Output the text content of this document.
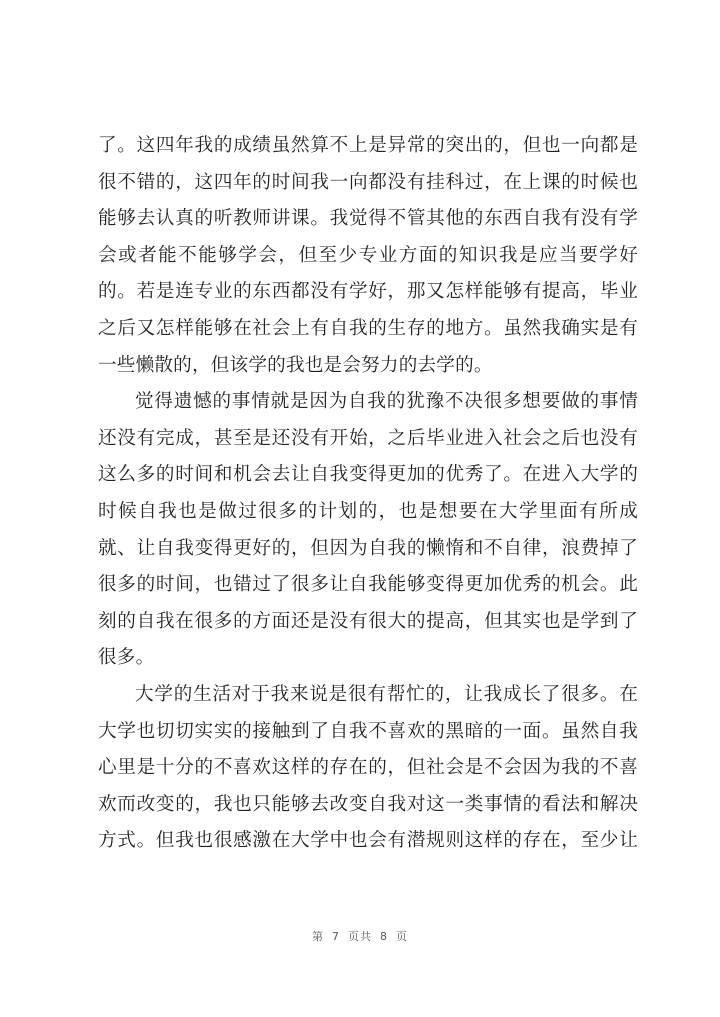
了。这四年我的成绩虽然算不上是异常的突出的，但也一向都是
很不错的，这四年的时间我一向都没有挂科过，在上课的时候也
能够去认真的听教师讲课。我觉得不管其他的东西自我有没有学
会或者能不能够学会，但至少专业方面的知识我是应当要学好
的。若是连专业的东西都没有学好，那又怎样能够有提高，毕业
之后又怎样能够在社会上有自我的生存的地方。虽然我确实是有
一些懒散的，但该学的我也是会努力的去学的。
觉得遗憾的事情就是因为自我的犹豫不决很多想要做的事情
还没有完成，甚至是还没有开始，之后毕业进入社会之后也没有
这么多的时间和机会去让自我变得更加的优秀了。在进入大学的
时候自我也是做过很多的计划的，也是想要在大学里面有所成
就、让自我变得更好的，但因为自我的懒惰和不自律，浪费掉了
很多的时间，也错过了很多让自我能够变得更加优秀的机会。此
刻的自我在很多的方面还是没有很大的提高，但其实也是学到了
很多。
大学的生活对于我来说是很有帮忙的，让我成长了很多。在
大学也切切实实的接触到了自我不喜欢的黑暗的一面。虽然自我
心里是十分的不喜欢这样的存在的，但社会是不会因为我的不喜
欢而改变的，我也只能够去改变自我对这一类事情的看法和解决
方式。但我也很感激在大学中也会有潜规则这样的存在，至少让
第 7 页共 8 页
